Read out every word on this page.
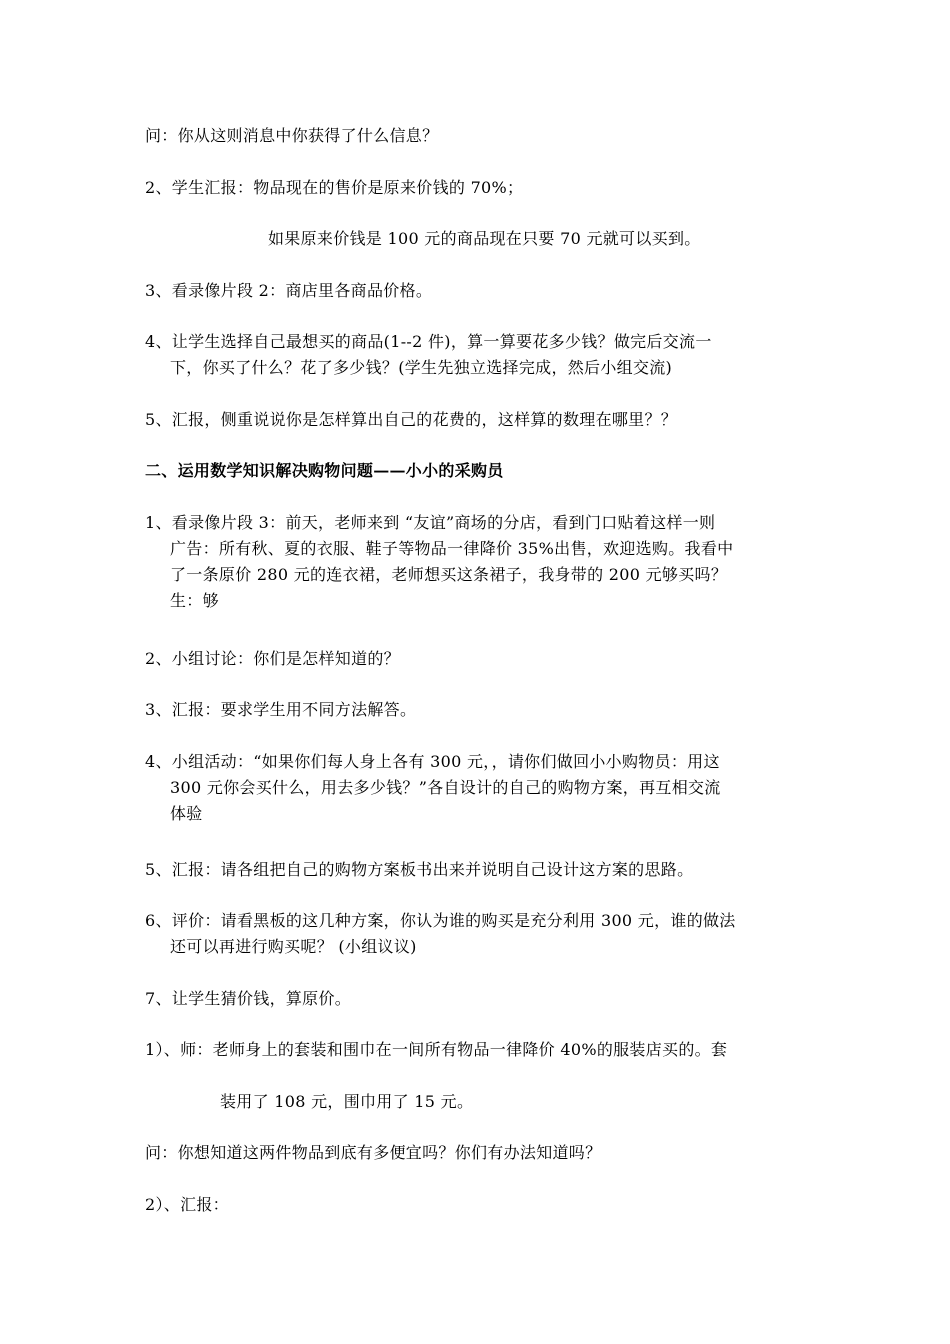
问：你从这则消息中你获得了什么信息？
2、学生汇报：物品现在的售价是原来价钱的 70%；
如果原来价钱是 100 元的商品现在只要 70 元就可以买到。
3、看录像片段 2：商店里各商品价格。
4、让学生选择自己最想买的商品(1--2 件)，算一算要花多少钱？做完后交流一
下，你买了什么？花了多少钱？(学生先独立选择完成，然后小组交流)
5、汇报，侧重说说你是怎样算出自己的花费的，这样算的数理在哪里？？
二、运用数学知识解决购物问题——小小的采购员
1、看录像片段 3：前天，老师来到 “友谊”商场的分店，看到门口贴着这样一则
广告：所有秋、夏的衣服、鞋子等物品一律降价 35%出售，欢迎选购。我看中
了一条原价 280 元的连衣裙，老师想买这条裙子，我身带的 200 元够买吗？
生：够
2、小组讨论：你们是怎样知道的？
3、汇报：要求学生用不同方法解答。
4、小组活动：“如果你们每人身上各有 300 元，，请你们做回小小购物员：用这
300 元你会买什么，用去多少钱？”各自设计的自己的购物方案，再互相交流
体验
5、汇报：请各组把自己的购物方案板书出来并说明自己设计这方案的思路。
6、评价：请看黑板的这几种方案，你认为谁的购买是充分利用 300 元，谁的做法
还可以再进行购买呢？ (小组议议)
7、让学生猜价钱，算原价。
1）、师：老师身上的套装和围巾在一间所有物品一律降价 40%的服装店买的。套
装用了 108 元，围巾用了 15 元。
问：你想知道这两件物品到底有多便宜吗？你们有办法知道吗？
2）、汇报：
